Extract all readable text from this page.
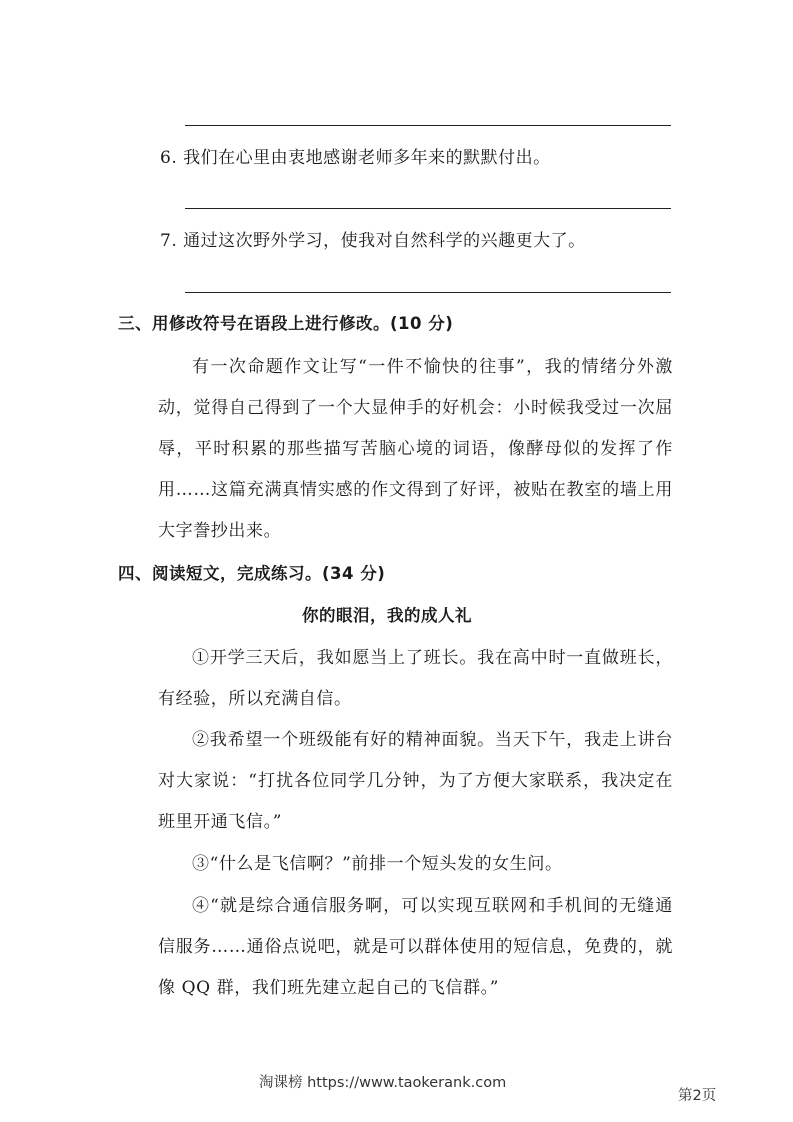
6. 我们在心里由衷地感谢老师多年来的默默付出。
7. 通过这次野外学习，使我对自然科学的兴趣更大了。
三、用修改符号在语段上进行修改。(10 分)
有一次命题作文让写“一件不愉快的往事”，我的情绪分外激动，觉得自己得到了一个大显伸手的好机会：小时候我受过一次屈辱，平时积累的那些描写苦脑心境的词语，像酵母似的发挥了作用……这篇充满真情实感的作文得到了好评，被贴在教室的墙上用大字誊抄出来。
四、阅读短文，完成练习。(34 分)
你的眼泪，我的成人礼
①开学三天后，我如愿当上了班长。我在高中时一直做班长，有经验，所以充满自信。
②我希望一个班级能有好的精神面貌。当天下午，我走上讲台对大家说：“打扰各位同学几分钟，为了方便大家联系，我决定在班里开通飞信。”
③“什么是飞信啊？”前排一个短头发的女生问。
④“就是综合通信服务啊，可以实现互联网和手机间的无缝通信服务……通俗点说吧，就是可以群体使用的短信息，免费的，就像 QQ 群，我们班先建立起自己的飞信群。”
淘课榜 https://www.taokerank.com
第2页
